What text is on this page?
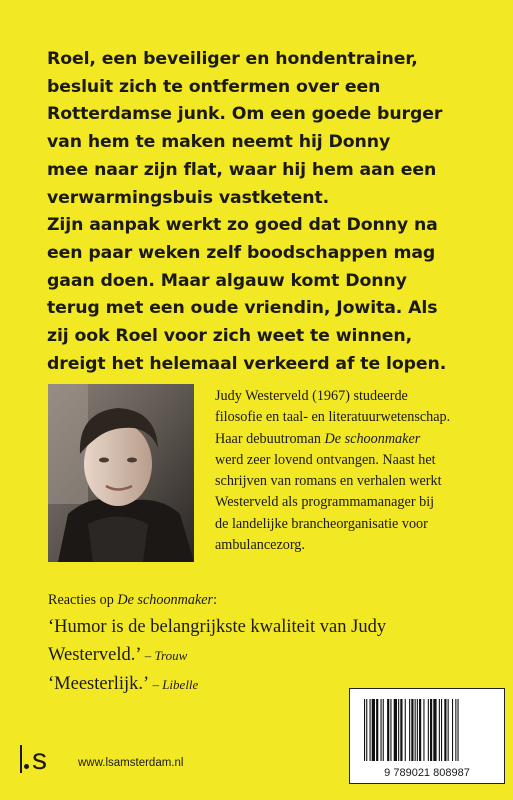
Roel, een beveiliger en hondentrainer,
besluit zich te ontfermen over een
Rotterdamse junk. Om een goede burger
van hem te maken neemt hij Donny
mee naar zijn flat, waar hij hem aan een
verwarmingsbuis vastketent.
Zijn aanpak werkt zo goed dat Donny na
een paar weken zelf boodschappen mag
gaan doen. Maar algauw komt Donny
terug met een oude vriendin, Jowita. Als
zij ook Roel voor zich weet te winnen,
dreigt het helemaal verkeerd af te lopen.
Judy Westerveld (1967) studeerde
filosofie en taal- en literatuurwetenschap.
Haar debuutroman De schoonmaker
werd zeer lovend ontvangen. Naast het
schrijven van romans en verhalen werkt
Westerveld als programmamanager bij
de landelijke brancheorganisatie voor
ambulancezorg.
Reacties op De schoonmaker:
‘Humor is de belangrijkste kwaliteit van Judy
Westerveld.’ – Trouw
‘Meesterlijk.’ – Libelle
s	www.lsamsterdam.nl
9 789021 808987
